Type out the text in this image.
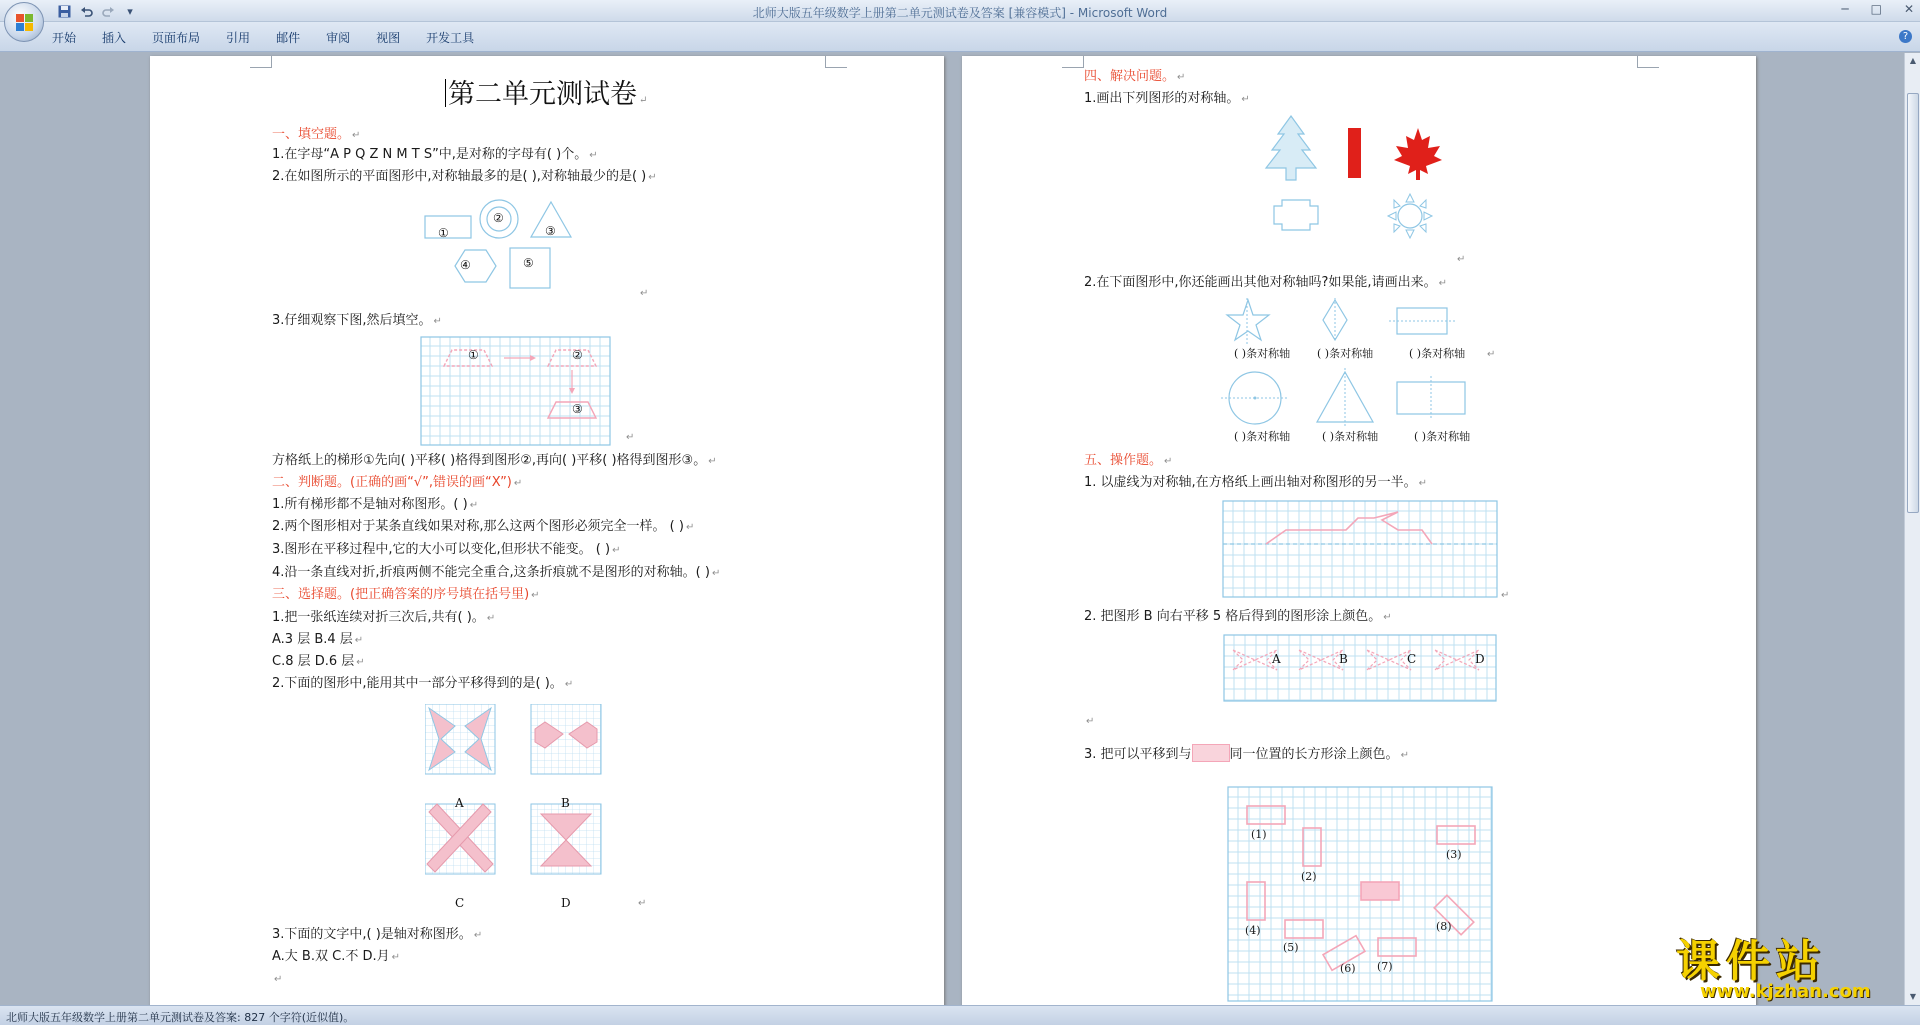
▾	北师大版五年级数学上册第二单元测试卷及答案 [兼容模式] - Microsoft Word	─ □ ✕
开始 插入 页面布局 引用 邮件 审阅 视图 开发工具	?
第二单元测试卷 ↵
一、填空题。 ↵
1.在字母“A P Q Z N M T S”中,是对称的字母有( )个。 ↵
2.在如图所示的平面图形中,对称轴最多的是( ),对称轴最少的是( ) ↵
①
②
③
④	⑤
↵
3.仔细观察下图,然后填空。 ↵
①	②
③
↵
方格纸上的梯形①先向( )平移( )格得到图形②,再向( )平移( )格得到图形③。 ↵
二、判断题。(正确的画“√”,错误的画“X”) ↵
1.所有梯形都不是轴对称图形。( ) ↵
2.两个图形相对于某条直线如果对称,那么这两个图形必须完全一样。 ( ) ↵
3.图形在平移过程中,它的大小可以变化,但形状不能变。 ( ) ↵
4.沿一条直线对折,折痕两侧不能完全重合,这条折痕就不是图形的对称轴。( ) ↵
三、选择题。(把正确答案的序号填在括号里) ↵
1.把一张纸连续对折三次后,共有( )。 ↵
A.3 层 B.4 层 ↵
C.8 层 D.6 层 ↵
2.下面的图形中,能用其中一部分平移得到的是( )。 ↵
A	B
C	D	↵
3.下面的文字中,( )是轴对称图形。 ↵
A.大 B.双 C.不 D.月 ↵
↵
四、解决问题。 ↵
1.画出下列图形的对称轴。 ↵
↵
2.在下面图形中,你还能画出其他对称轴吗?如果能,请画出来。 ↵
( )条对称轴 ( )条对称轴	( )条对称轴 ↵
( )条对称轴	( )条对称轴	( )条对称轴
五、操作题。 ↵
1. 以虚线为对称轴,在方格纸上画出轴对称图形的另一半。 ↵
↵
2. 把图形 B 向右平移 5 格后得到的图形涂上颜色。 ↵
A	B	C	D
↵
3. 把可以平移到与	同一位置的长方形涂上颜色。 ↵
(1)
(2)
(3)
(4)
(5)
(6) (7)
(8)
▲
▼
北师大版五年级数学上册第二单元测试卷及答案: 827 个字符(近似值)。
课件站
www.kjzhan.com
